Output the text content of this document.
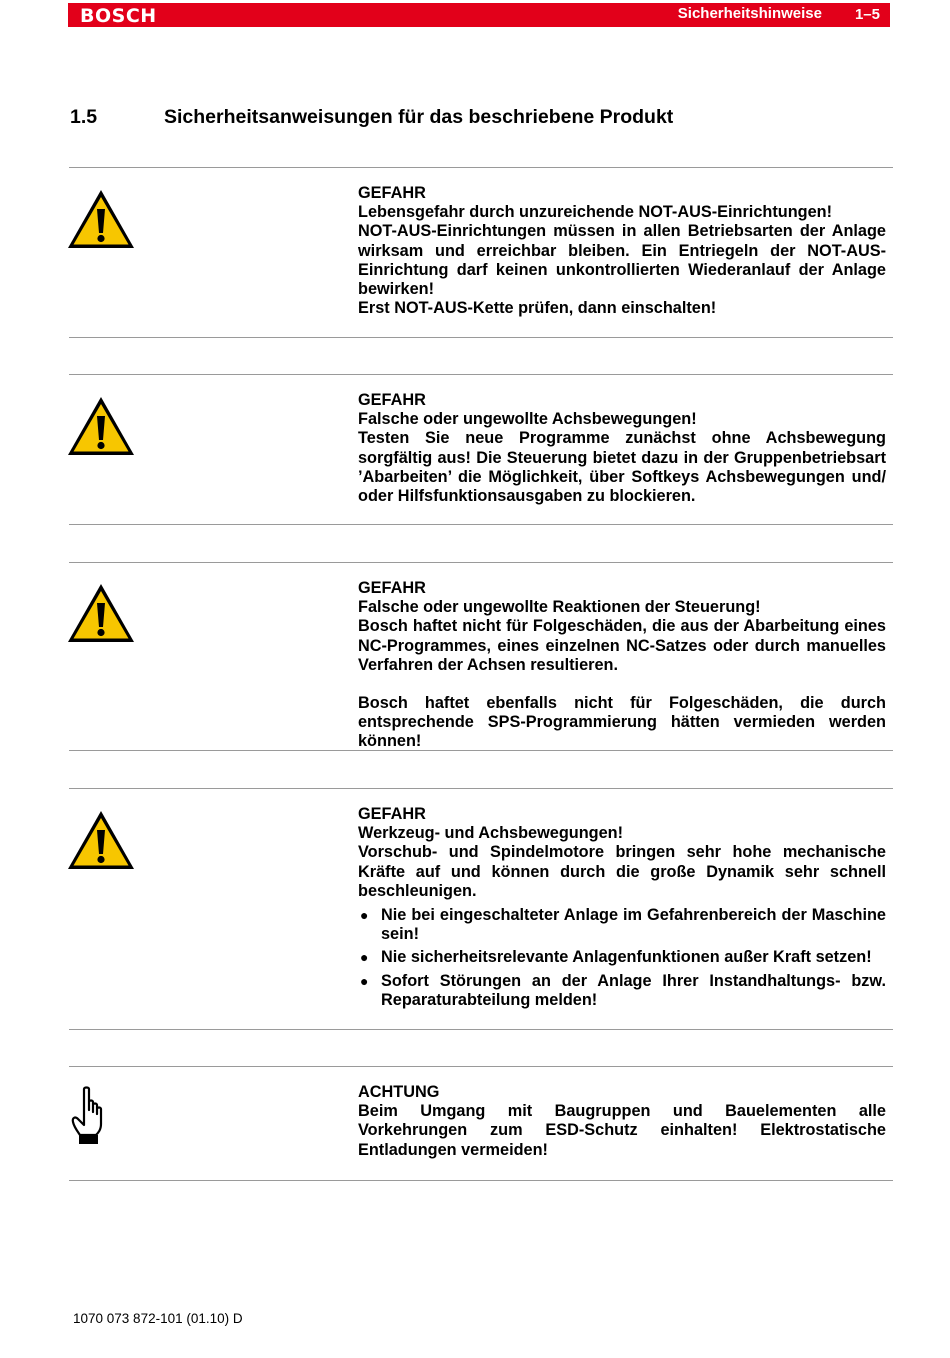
BOSCH	Sicherheitshinweise 1–5
1.5	Sicherheitsanweisungen für das beschriebene Produkt

GEFAHR

Lebensgefahr durch unzureichende NOT-AUS-Einrichtungen!

NOT-AUS-Einrichtungen müssen in allen Betriebsarten der Anlage wirksam und erreichbar bleiben. Ein Entriegeln der NOT-AUS-Einrichtung darf keinen unkontrollierten Wiederanlauf der Anlage bewirken!

Erst NOT-AUS-Kette prüfen, dann einschalten!

GEFAHR

Falsche oder ungewollte Achsbewegungen!

Testen Sie neue Programme zunächst ohne Achsbewegung sorgfältig aus! Die Steuerung bietet dazu in der Gruppenbetriebsart ’Abarbeiten’ die Möglichkeit, über Softkeys Achsbewegungen und/ oder Hilfsfunktionsausgaben zu blockieren.

GEFAHR

Falsche oder ungewollte Reaktionen der Steuerung!

Bosch haftet nicht für Folgeschäden, die aus der Abarbeitung eines NC-Programmes, eines einzelnen NC-Satzes oder durch manuelles Verfahren der Achsen resultieren.

Bosch haftet ebenfalls nicht für Folgeschäden, die durch entsprechende SPS-Programmierung hätten vermieden werden können!

GEFAHR

Werkzeug- und Achsbewegungen!

Vorschub- und Spindelmotore bringen sehr hohe mechanische Kräfte auf und können durch die große Dynamik sehr schnell beschleunigen.

● Nie bei eingeschalteter Anlage im Gefahrenbereich der Maschine sein!
● Nie sicherheitsrelevante Anlagenfunktionen außer Kraft setzen!
● Sofort Störungen an der Anlage Ihrer Instandhaltungs- bzw. Reparaturabteilung melden!

ACHTUNG

Beim Umgang mit Baugruppen und Bauelementen alle Vorkehrungen zum ESD-Schutz einhalten! Elektrostatische Entladungen vermeiden!

1070 073 872-101 (01.10) D
